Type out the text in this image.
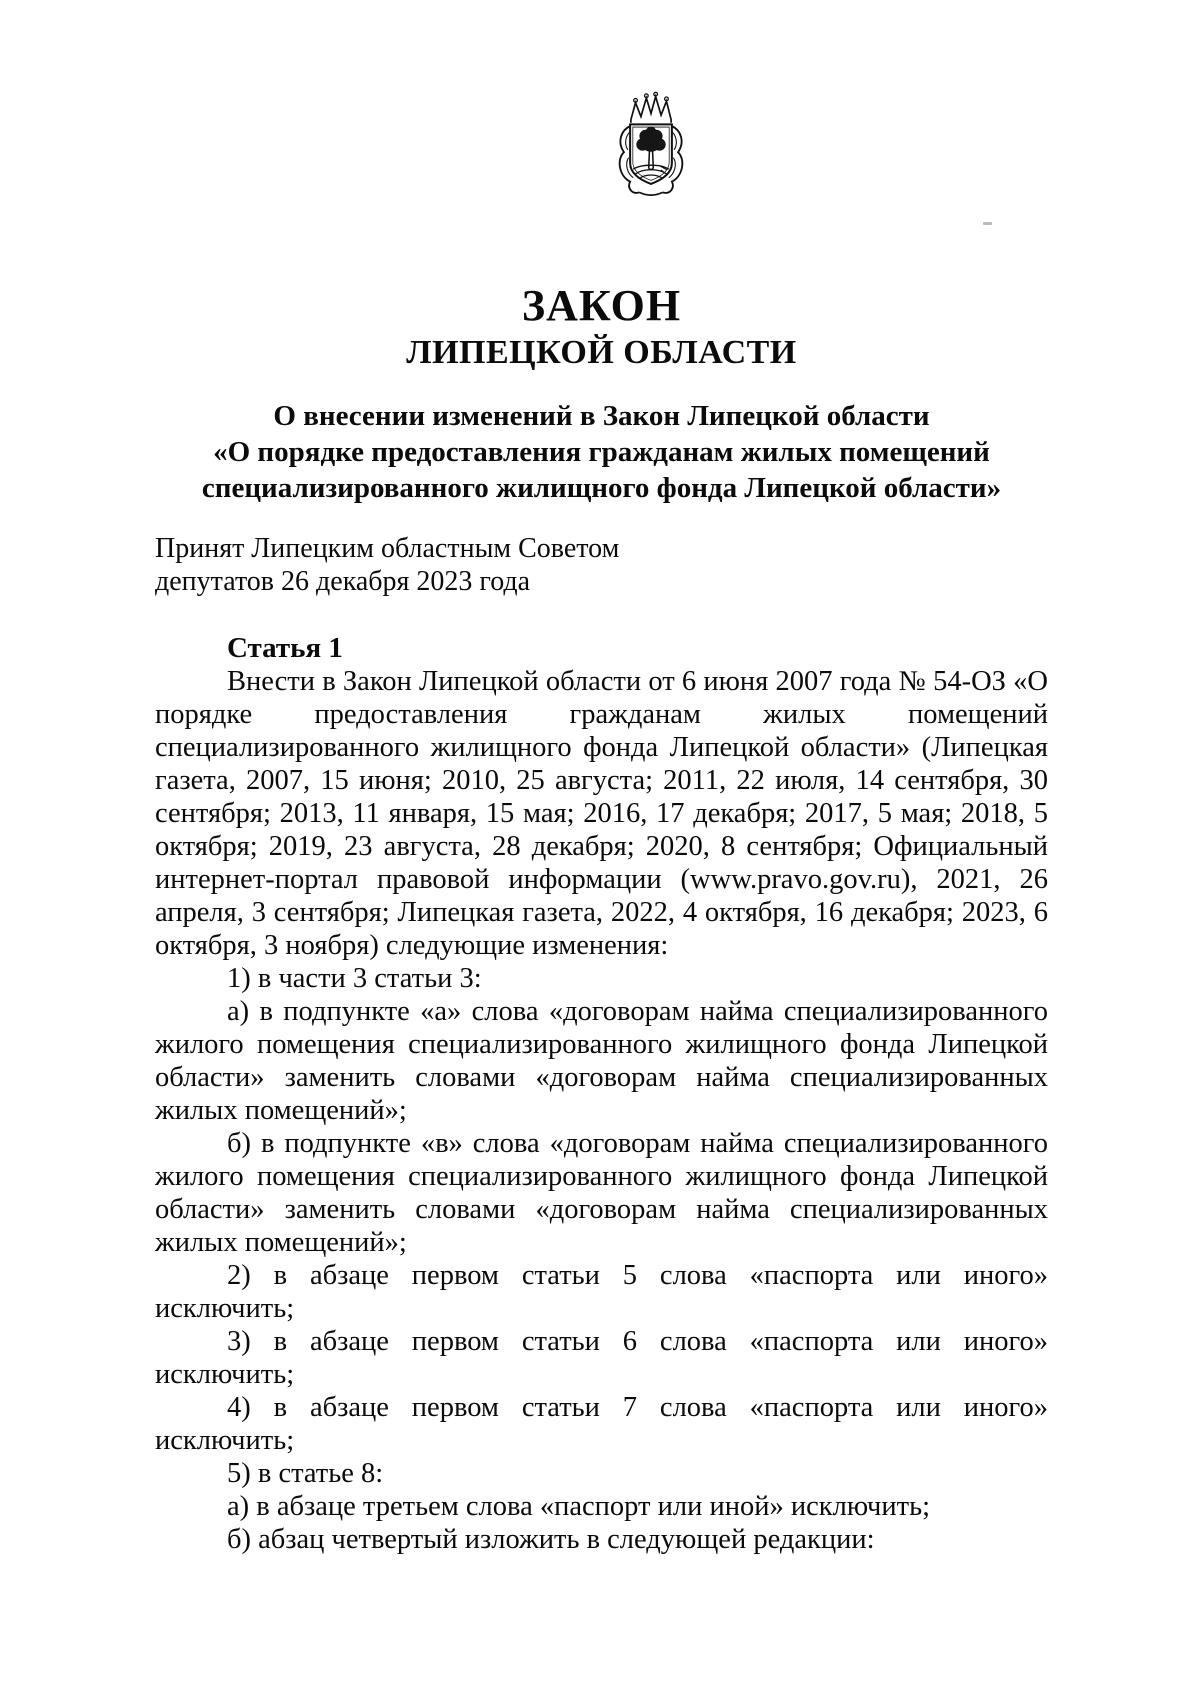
ЗАКОН
ЛИПЕЦКОЙ ОБЛАСТИ
О внесении изменений в Закон Липецкой области
«О порядке предоставления гражданам жилых помещений
специализированного жилищного фонда Липецкой области»
Принят Липецким областным Советом
депутатов 26 декабря 2023 года
Статья 1

Внести в Закон Липецкой области от 6 июня 2007 года № 54-ОЗ «О порядке предоставления гражданам жилых помещений специализированного жилищного фонда Липецкой области» (Липецкая газета, 2007, 15 июня; 2010, 25 августа; 2011, 22 июля, 14 сентября, 30 сентября; 2013, 11 января, 15 мая; 2016, 17 декабря; 2017, 5 мая; 2018, 5 октября; 2019, 23 августа, 28 декабря; 2020, 8 сентября; Официальный интернет-портал правовой информации (www.pravo.gov.ru), 2021, 26 апреля, 3 сентября; Липецкая газета, 2022, 4 октября, 16 декабря; 2023, 6 октября, 3 ноября) следующие изменения:

1) в части 3 статьи 3:

а) в подпункте «а» слова «договорам найма специализированного жилого помещения специализированного жилищного фонда Липецкой области» заменить словами «договорам найма специализированных жилых помещений»;

б) в подпункте «в» слова «договорам найма специализированного жилого помещения специализированного жилищного фонда Липецкой области» заменить словами «договорам найма специализированных жилых помещений»;

2) в абзаце первом статьи 5 слова «паспорта или иного» исключить;

3) в абзаце первом статьи 6 слова «паспорта или иного» исключить;

4) в абзаце первом статьи 7 слова «паспорта или иного» исключить;

5) в статье 8:

а) в абзаце третьем слова «паспорт или иной» исключить;

б) абзац четвертый изложить в следующей редакции:
